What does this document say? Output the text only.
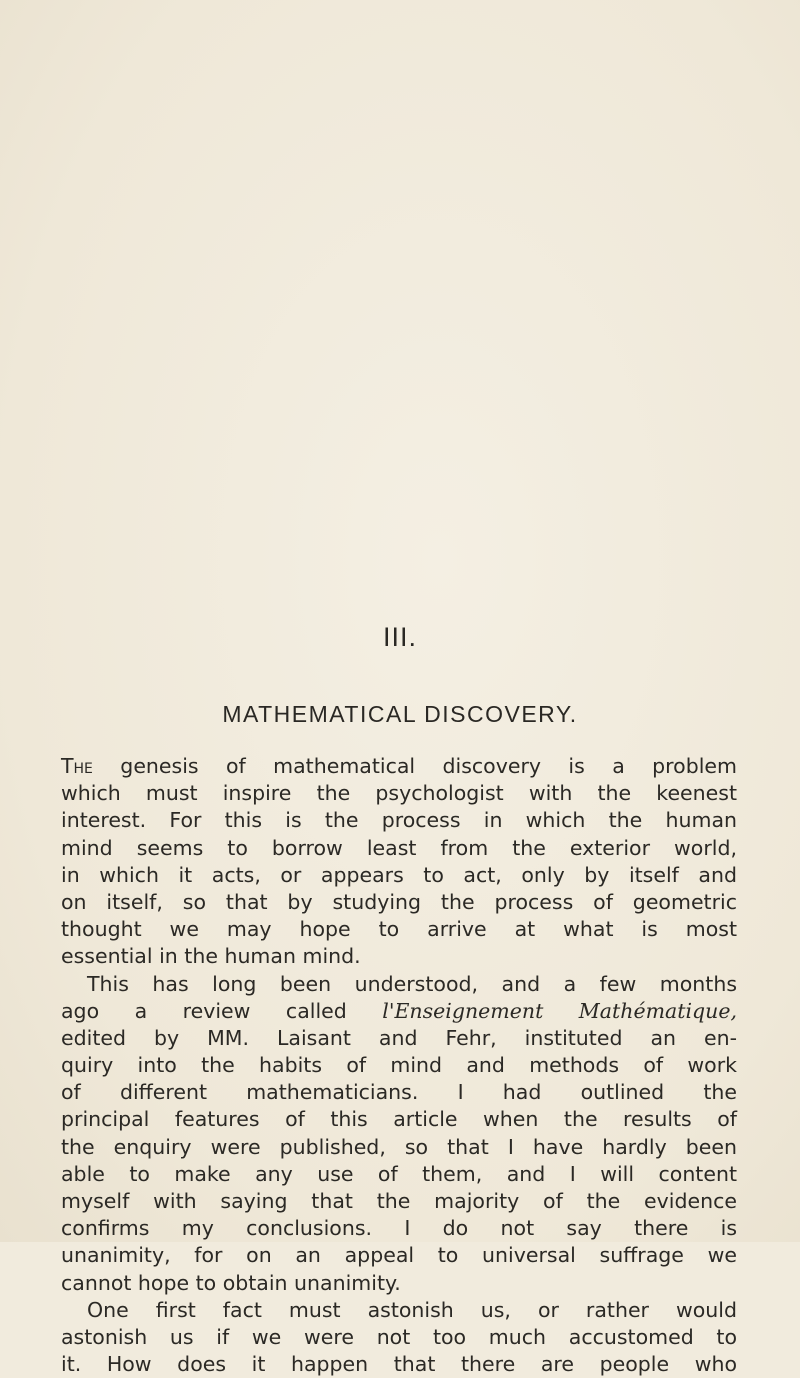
III.
MATHEMATICAL DISCOVERY.
The genesis of mathematical discovery is a problem
which must inspire the psychologist with the keenest
interest. For this is the process in which the human
mind seems to borrow least from the exterior world,
in which it acts, or appears to act, only by itself and
on itself, so that by studying the process of geometric
thought we may hope to arrive at what is most
essential in the human mind.
This has long been understood, and a few months
ago a review called l'Enseignement Mathématique,
edited by MM. Laisant and Fehr, instituted an en-
quiry into the habits of mind and methods of work
of different mathematicians. I had outlined the
principal features of this article when the results of
the enquiry were published, so that I have hardly been
able to make any use of them, and I will content
myself with saying that the majority of the evidence
confirms my conclusions. I do not say there is
unanimity, for on an appeal to universal suffrage we
cannot hope to obtain unanimity.
One first fact must astonish us, or rather would
astonish us if we were not too much accustomed to
it. How does it happen that there are people who
